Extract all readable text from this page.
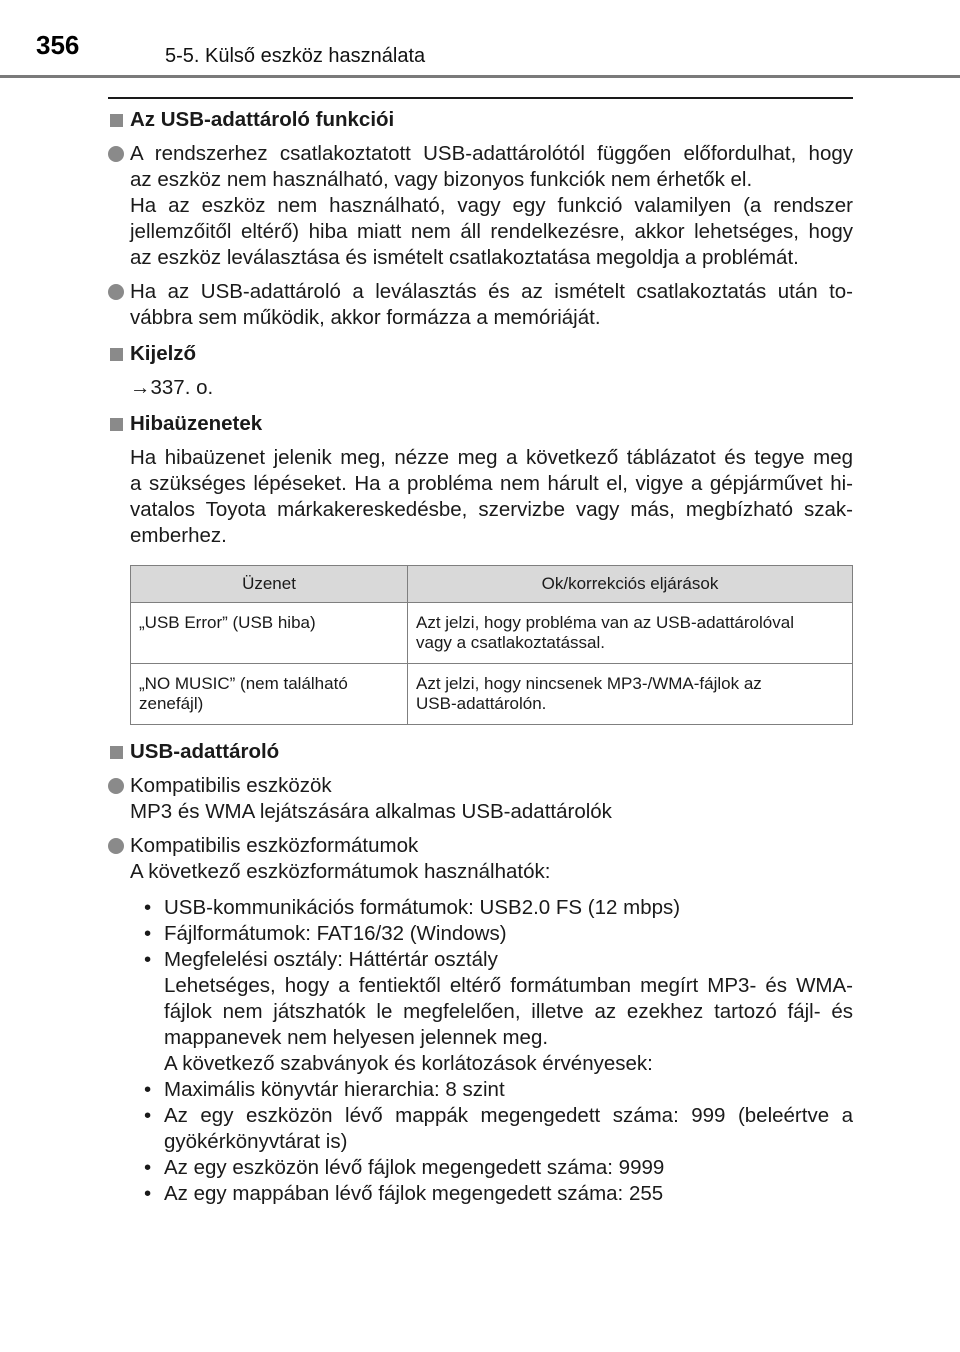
356	5-5. Külső eszköz használata
Az USB-adattároló funkciói
A rendszerhez csatlakoztatott USB-adattárolótól függően előfordulhat, hogy
az eszköz nem használható, vagy bizonyos funkciók nem érhetők el.
Ha az eszköz nem használható, vagy egy funkció valamilyen (a rendszer
jellemzőitől eltérő) hiba miatt nem áll rendelkezésre, akkor lehetséges, hogy
az eszköz leválasztása és ismételt csatlakoztatása megoldja a problémát.
Ha az USB-adattároló a leválasztás és az ismételt csatlakoztatás után to-
vábbra sem működik, akkor formázza a memóriáját.
Kijelző
→337. o.
Hibaüzenetek
Ha hibaüzenet jelenik meg, nézze meg a következő táblázatot és tegye meg
a szükséges lépéseket. Ha a probléma nem hárult el, vigye a gépjárművet hi-
vatalos Toyota márkakereskedésbe, szervizbe vagy más, megbízható szak-
emberhez.
Üzenet	Ok/korrekciós eljárások
„USB Error” (USB hiba)	Azt jelzi, hogy probléma van az USB-adattárolóval
vagy a csatlakoztatással.

„NO MUSIC” (nem található
zenefájl)	Azt jelzi, hogy nincsenek MP3-/WMA-fájlok az
USB-adattárolón.
USB-adattároló
Kompatibilis eszközök
MP3 és WMA lejátszására alkalmas USB-adattárolók
Kompatibilis eszközformátumok
A következő eszközformátumok használhatók:
• USB-kommunikációs formátumok: USB2.0 FS (12 mbps)
• Fájlformátumok: FAT16/32 (Windows)
• Megfelelési osztály: Háttértár osztály
Lehetséges, hogy a fentiektől eltérő formátumban megírt MP3- és WMA-
fájlok nem játszhatók le megfelelően, illetve az ezekhez tartozó fájl- és
mappanevek nem helyesen jelennek meg.
A következő szabványok és korlátozások érvényesek:
• Maximális könyvtár hierarchia: 8 szint
• Az egy eszközön lévő mappák megengedett száma: 999 (beleértve a
gyökérkönyvtárat is)
• Az egy eszközön lévő fájlok megengedett száma: 9999
• Az egy mappában lévő fájlok megengedett száma: 255
